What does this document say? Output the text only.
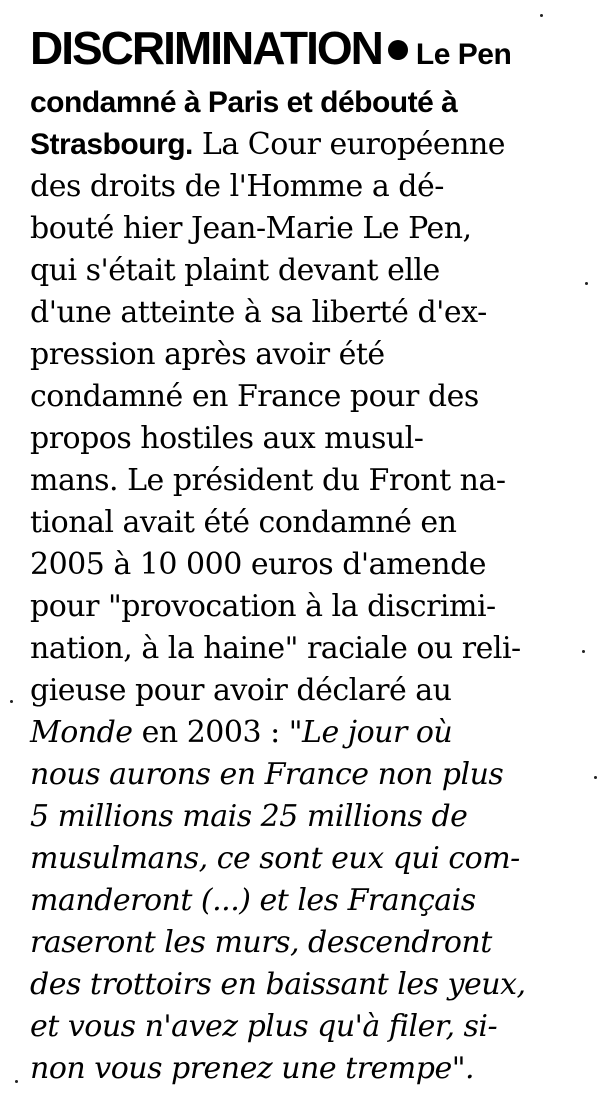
DISCRIMINATION Le Pen
condamné à Paris et débouté à
Strasbourg. La Cour européenne
des droits de l'Homme a dé-
bouté hier Jean-Marie Le Pen,
qui s'était plaint devant elle
d'une atteinte à sa liberté d'ex-
pression après avoir été
condamné en France pour des
propos hostiles aux musul-
mans. Le président du Front na-
tional avait été condamné en
2005 à 10 000 euros d'amende
pour "provocation à la discrimi-
nation, à la haine" raciale ou reli-
gieuse pour avoir déclaré au
Monde en 2003 : "Le jour où
nous aurons en France non plus
5 millions mais 25 millions de
musulmans, ce sont eux qui com-
manderont (...) et les Français
raseront les murs, descendront
des trottoirs en baissant les yeux,
et vous n'avez plus qu'à filer, si-
non vous prenez une trempe".
